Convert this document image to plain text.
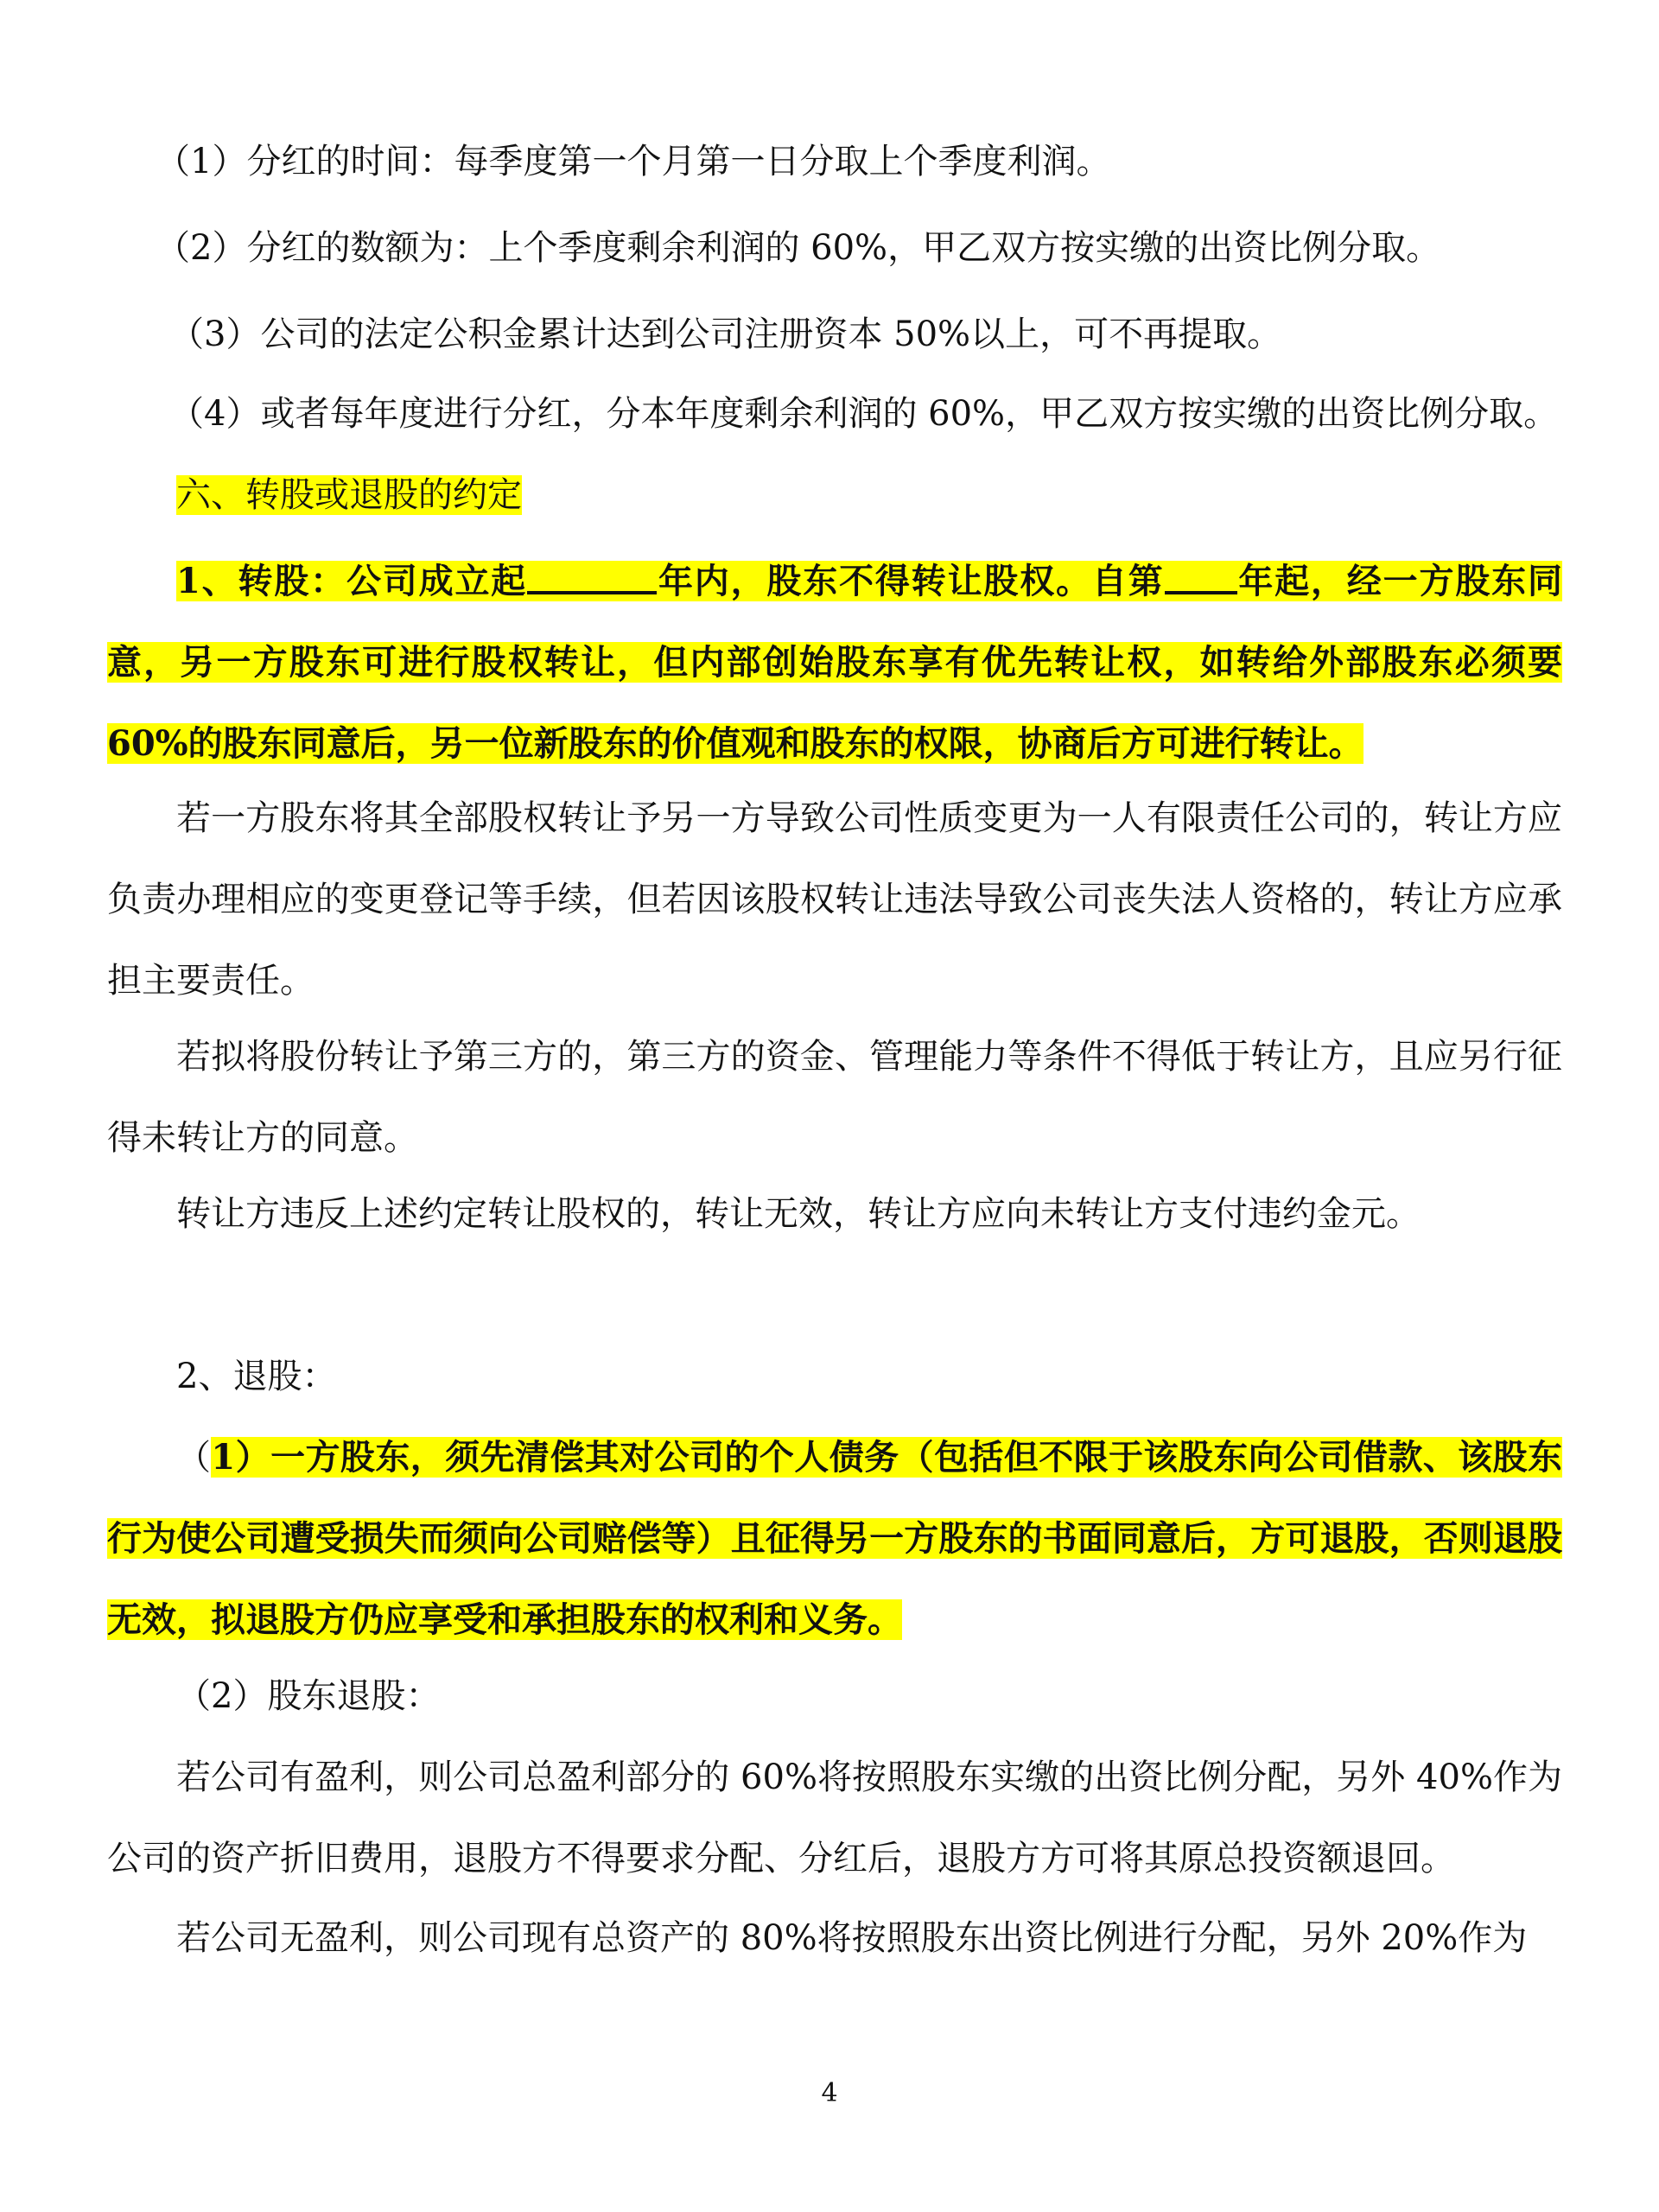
（1）分红的时间：每季度第一个月第一日分取上个季度利润。

（2）分红的数额为：上个季度剩余利润的 60%，甲乙双方按实缴的出资比例分取。

（3）公司的法定公积金累计达到公司注册资本 50%以上，可不再提取。

（4）或者每年度进行分红，分本年度剩余利润的 60%，甲乙双方按实缴的出资比例分取。

六、转股或退股的约定

1、转股：公司成立起	年内，股东不得转让股权。自第 年起，经一方股东同意，另一方股东可进行股权转让，但内部创始股东享有优先转让权，如转给外部股东必须要 60%的股东同意后，另一位新股东的价值观和股东的权限，协商后方可进行转让。

若一方股东将其全部股权转让予另一方导致公司性质变更为一人有限责任公司的，转让方应负责办理相应的变更登记等手续，但若因该股权转让违法导致公司丧失法人资格的，转让方应承担主要责任。

若拟将股份转让予第三方的，第三方的资金、管理能力等条件不得低于转让方，且应另行征得未转让方的同意。

转让方违反上述约定转让股权的，转让无效，转让方应向未转让方支付违约金元。

2、退股：

（1）一方股东，须先清偿其对公司的个人债务（包括但不限于该股东向公司借款、该股东行为使公司遭受损失而须向公司赔偿等）且征得另一方股东的书面同意后，方可退股，否则退股无效，拟退股方仍应享受和承担股东的权利和义务。

（2）股东退股：

若公司有盈利，则公司总盈利部分的 60%将按照股东实缴的出资比例分配，另外 40%作为公司的资产折旧费用，退股方不得要求分配、分红后，退股方方可将其原总投资额退回。

若公司无盈利，则公司现有总资产的 80%将按照股东出资比例进行分配，另外 20%作为

4
